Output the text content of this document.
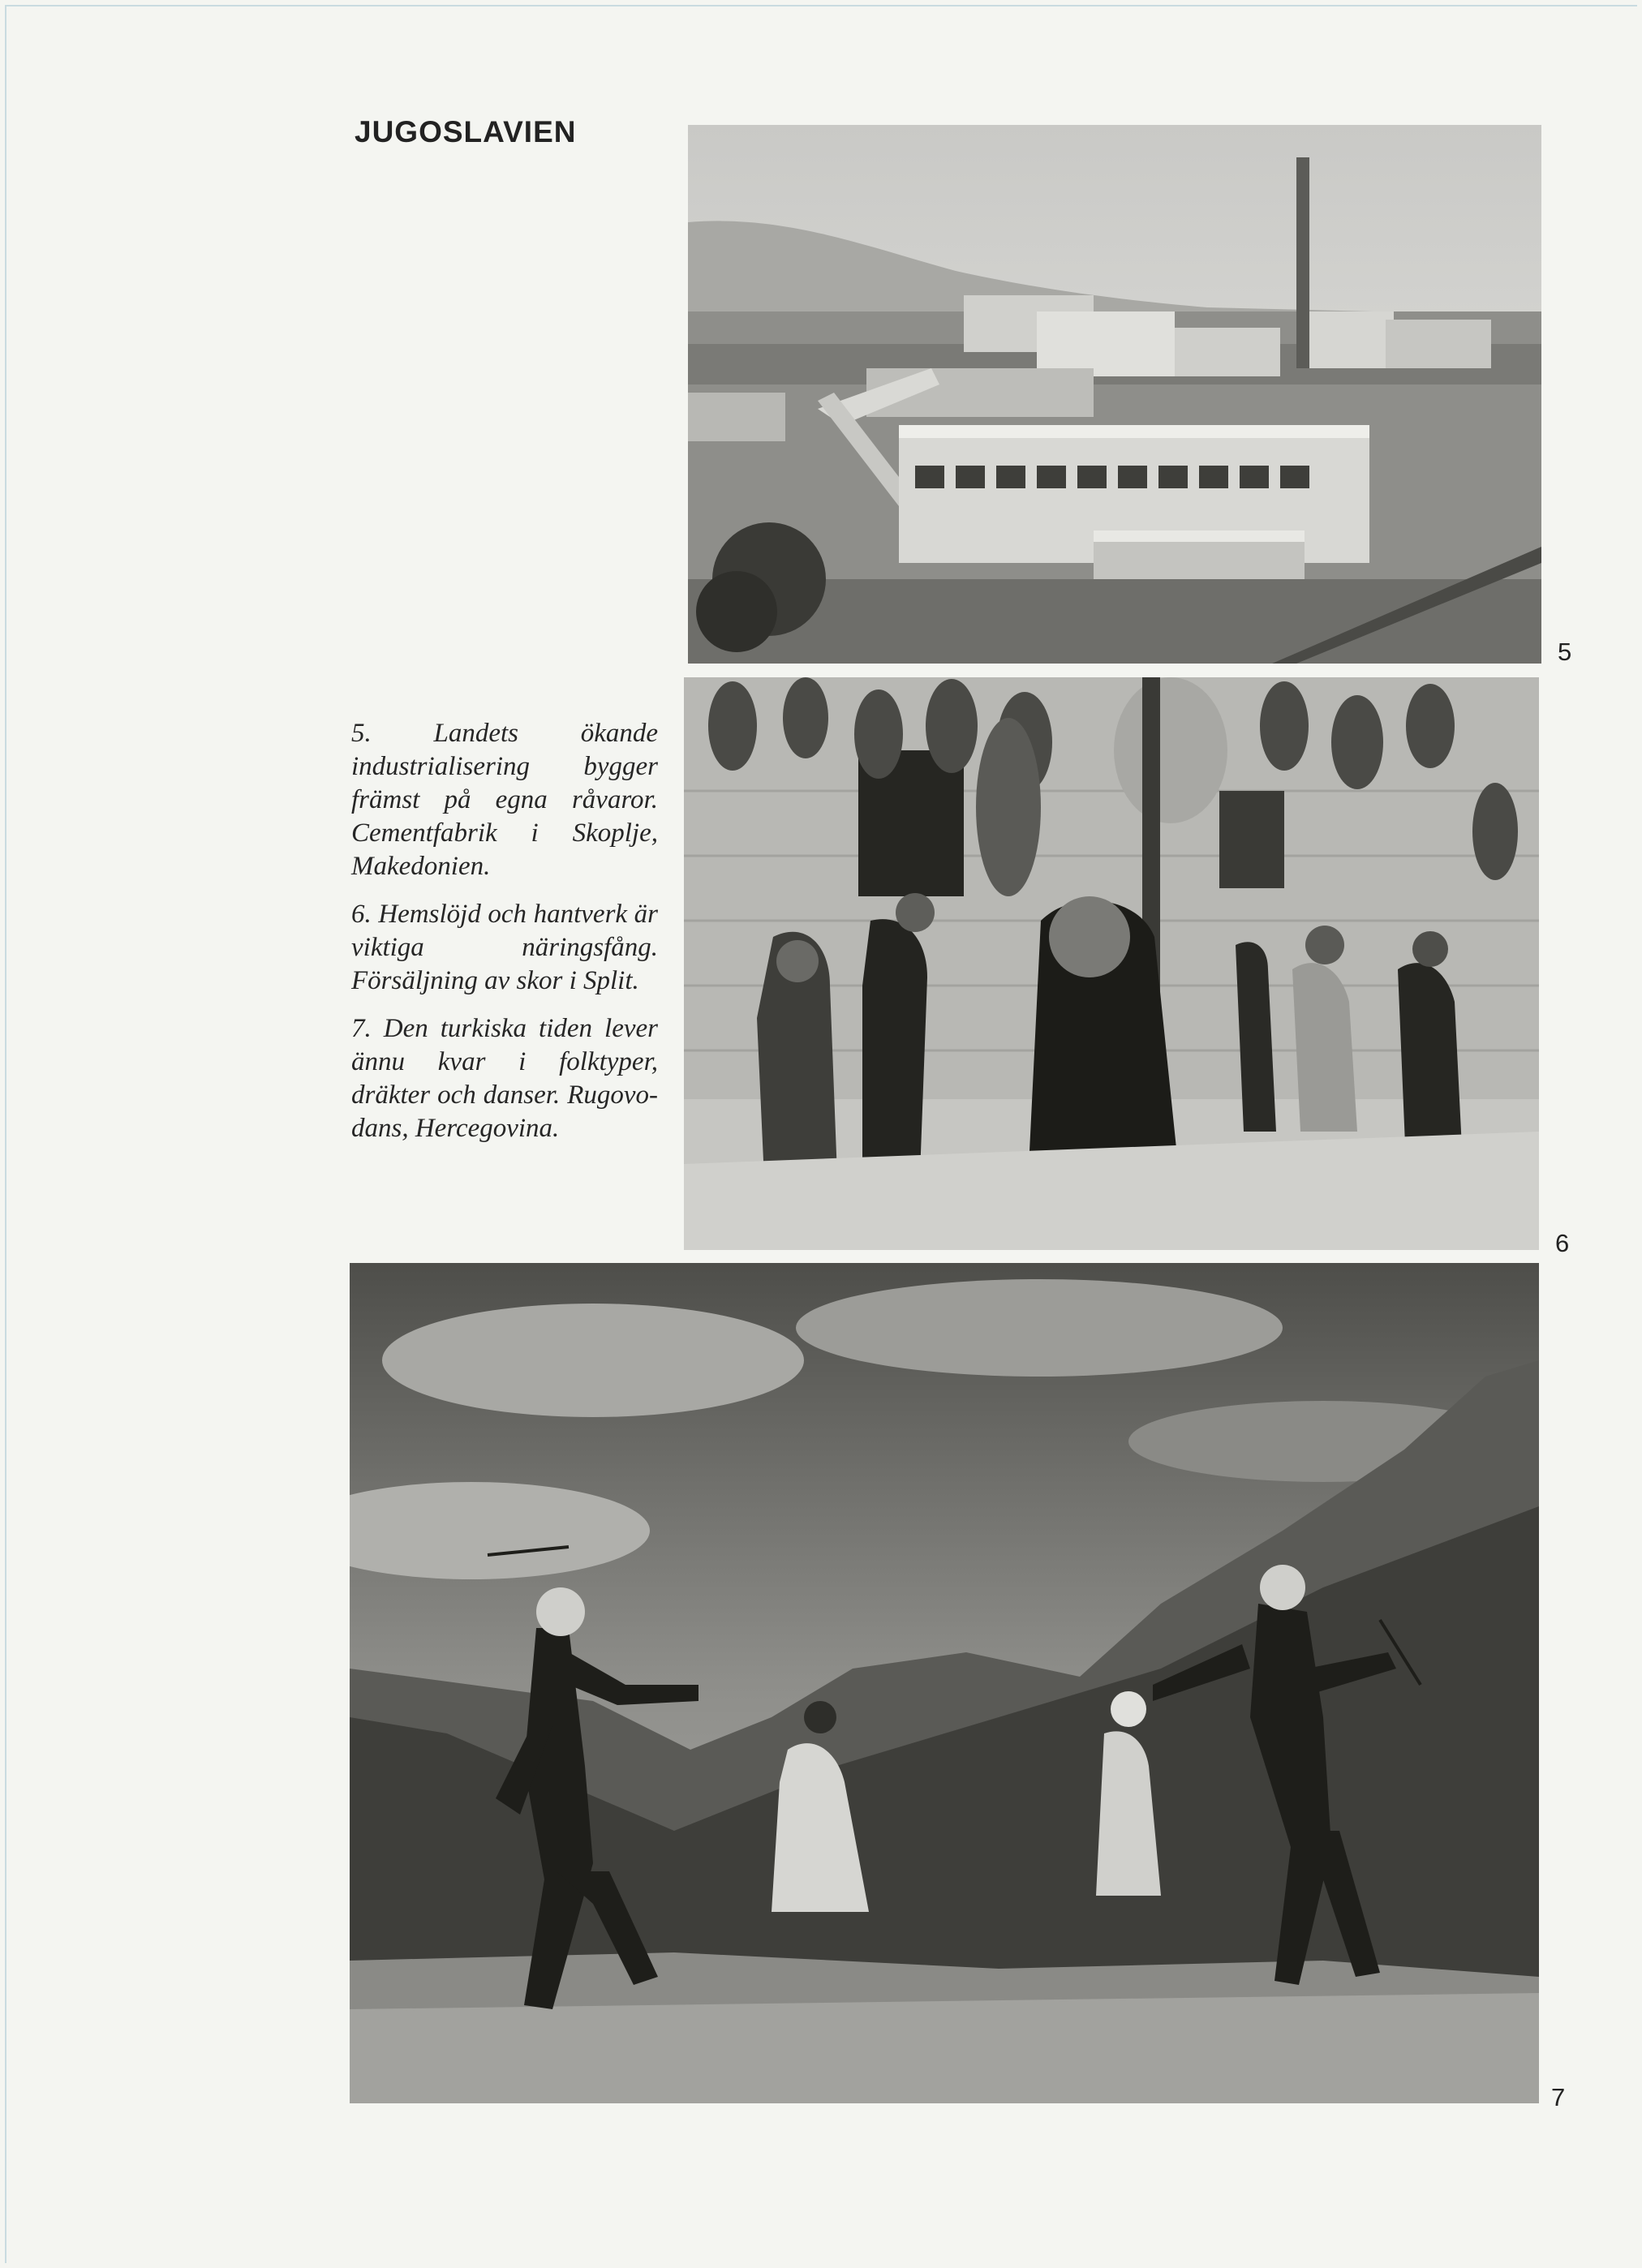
JUGOSLAVIEN
5

5. Landets ökande industrialisering bygger främst på egna råvaror. Cementfabrik i Skoplje, Makedonien.

6. Hemslöjd och hantverk är viktiga näringsfång. Försäljning av skor i Split.

7. Den turkiska tiden lever ännu kvar i folktyper, dräkter och danser. Rugovo-dans, Hercegovina.

6
7
